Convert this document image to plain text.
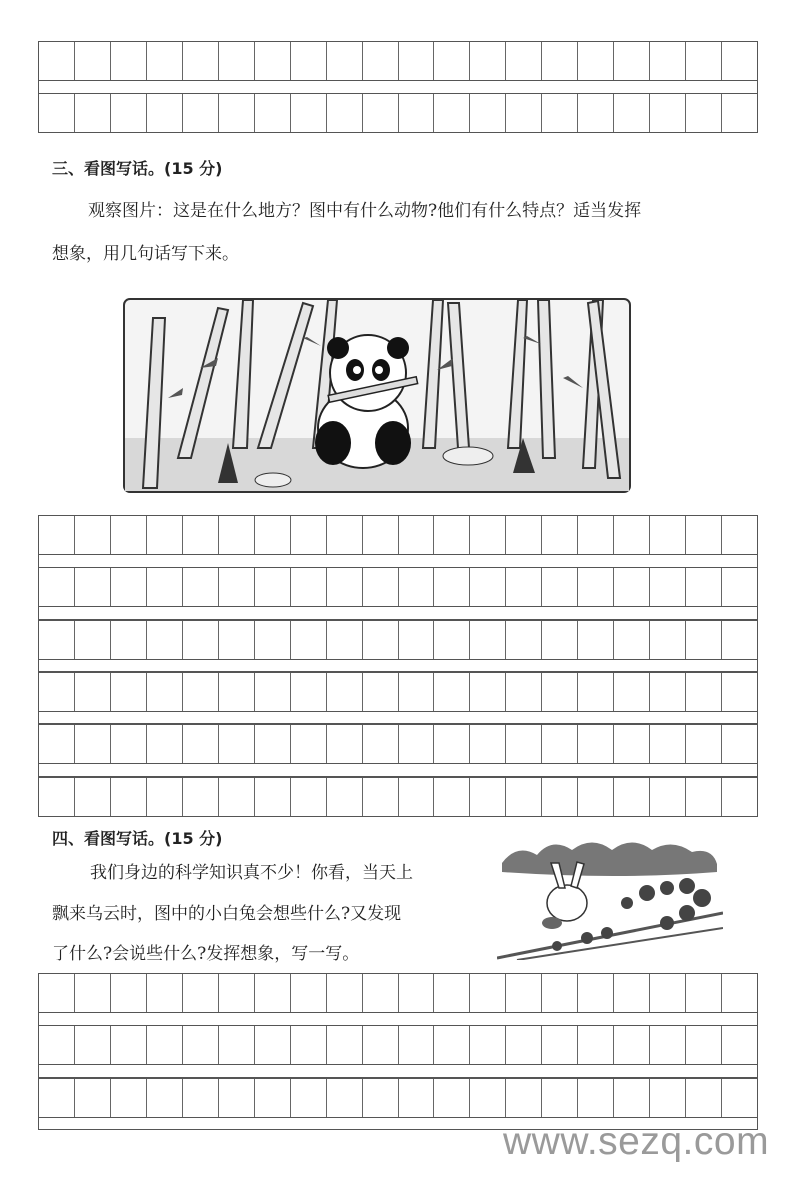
三、看图写话。(15 分)
观察图片：这是在什么地方？图中有什么动物?他们有什么特点？适当发挥
想象，用几句话写下来。
四、看图写话。(15 分)
我们身边的科学知识真不少！你看，当天上
飘来乌云时，图中的小白兔会想些什么?又发现
了什么?会说些什么?发挥想象，写一写。
www.sezq.com
